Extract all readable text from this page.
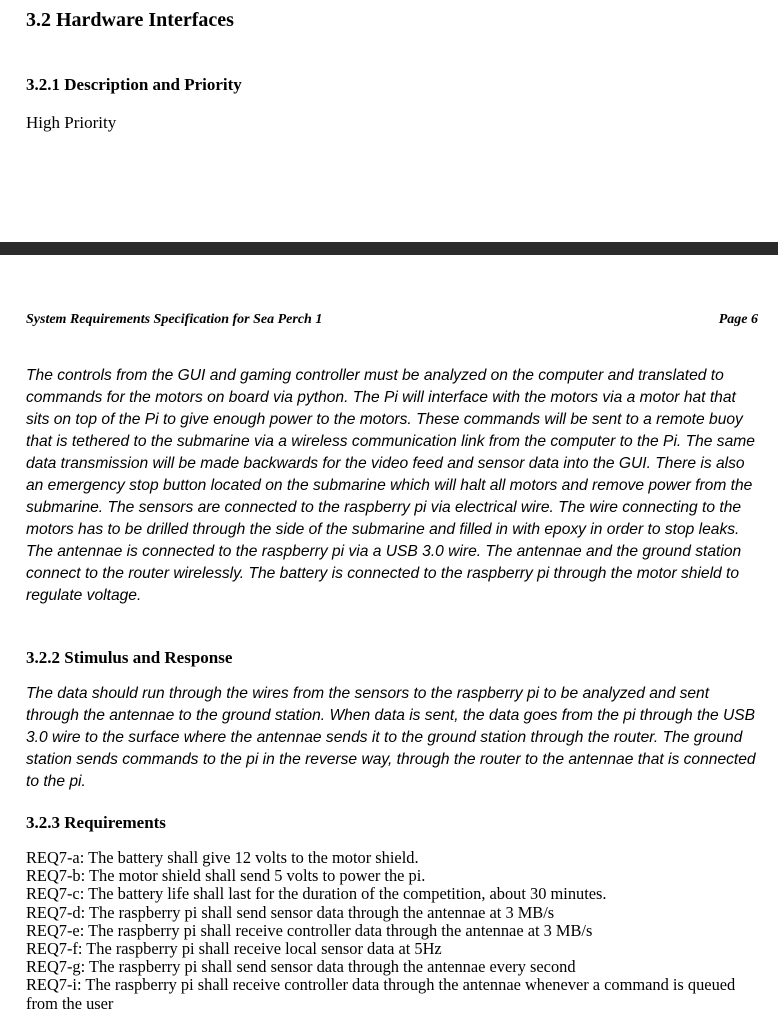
3.2 Hardware Interfaces
3.2.1 Description and Priority

High Priority

System Requirements Specification for Sea Perch 1	Page 6

The controls from the GUI and gaming controller must be analyzed on the computer and translated to commands for the motors on board via python. The Pi will interface with the motors via a motor hat that sits on top of the Pi to give enough power to the motors. These commands will be sent to a remote buoy that is tethered to the submarine via a wireless communication link from the computer to the Pi. The same data transmission will be made backwards for the video feed and sensor data into the GUI. There is also an emergency stop button located on the submarine which will halt all motors and remove power from the submarine. The sensors are connected to the raspberry pi via electrical wire. The wire connecting to the motors has to be drilled through the side of the submarine and filled in with epoxy in order to stop leaks. The antennae is connected to the raspberry pi via a USB 3.0 wire. The antennae and the ground station connect to the router wirelessly. The battery is connected to the raspberry pi through the motor shield to regulate voltage.

3.2.2 Stimulus and Response

The data should run through the wires from the sensors to the raspberry pi to be analyzed and sent through the antennae to the ground station. When data is sent, the data goes from the pi through the USB 3.0 wire to the surface where the antennae sends it to the ground station through the router. The ground station sends commands to the pi in the reverse way, through the router to the antennae that is connected to the pi.

3.2.3 Requirements
REQ7-a: The battery shall give 12 volts to the motor shield.
REQ7-b: The motor shield shall send 5 volts to power the pi.
REQ7-c: The battery life shall last for the duration of the competition, about 30 minutes.
REQ7-d: The raspberry pi shall send sensor data through the antennae at 3 MB/s
REQ7-e: The raspberry pi shall receive controller data through the antennae at 3 MB/s
REQ7-f: The raspberry pi shall receive local sensor data at 5Hz
REQ7-g: The raspberry pi shall send sensor data through the antennae every second
REQ7-i: The raspberry pi shall receive controller data through the antennae whenever a command is queued from the user
